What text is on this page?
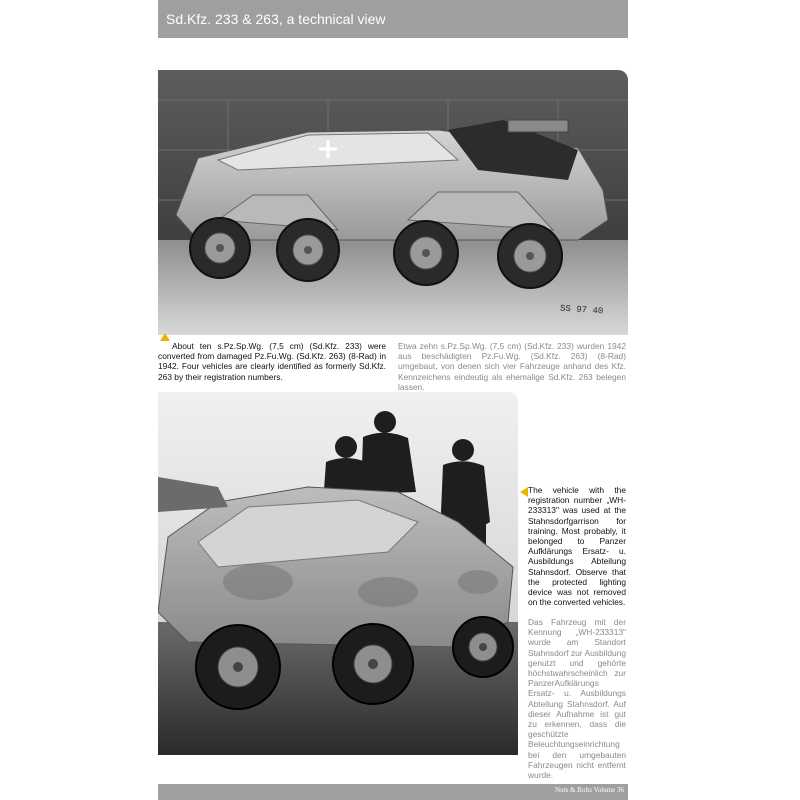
Sd.Kfz. 233 & 263, a technical view
SS 97 40
About ten s.Pz.Sp.Wg. (7,5 cm) (Sd.Kfz. 233) were converted from damaged Pz.Fu.Wg. (Sd.Kfz. 263) (8-Rad) in 1942. Four vehicles are clearly identified as formerly Sd.Kfz. 263 by their registration numbers.
Etwa zehn s.Pz.Sp.Wg. (7,5 cm) (Sd.Kfz. 233) wurden 1942 aus beschädigten Pz.Fu.Wg. (Sd.Kfz. 263) (8-Rad) umgebaut, von denen sich vier Fahrzeuge anhand des Kfz. Kennzeichens eindeutig als ehemalige Sd.Kfz. 263 belegen lassen.
The vehicle with the registration number „WH-233313" was used at the Stahnsdorfgarrison for training. Most probably, it belonged to Panzer Aufklärungs Ersatz- u. Ausbildungs Abteilung Stahnsdorf. Observe that the protected lighting device was not removed on the converted vehicles.
Das Fahrzeug mit der Kennung „WH-233313" wurde am Standort Stahnsdorf zur Ausbildung genutzt und gehörte höchstwahrscheinlich zur PanzerAufklärungs Ersatz- u. Ausbildungs Abteilung Stahnsdorf. Auf dieser Aufnahme ist gut zu erkennen, dass die geschützte Beleuchtungseinrichtung bei den umgebauten Fahrzeugen nicht entfernt wurde.
Nuts & Bolts Volume 36
